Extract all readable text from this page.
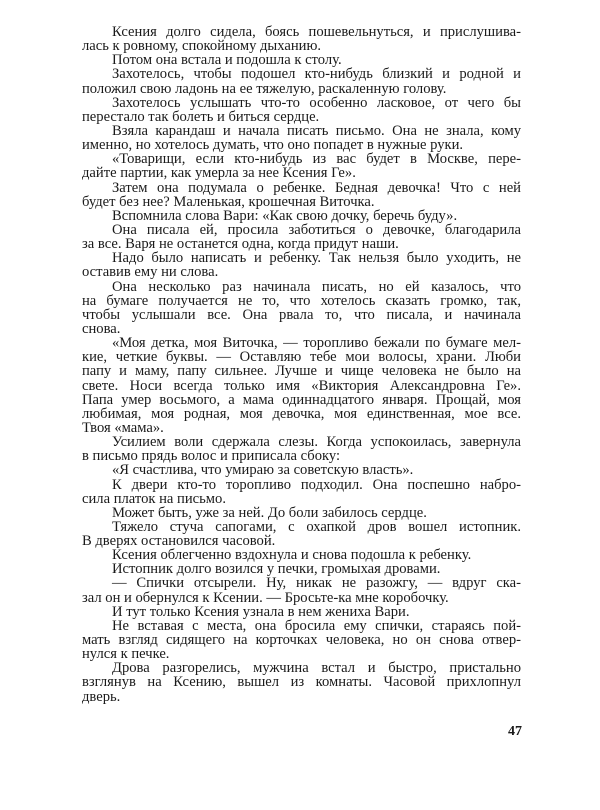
Ксения долго сидела, боясь пошевельнуться, и прислушива-
лась к ровному, спокойному дыханию.
Потом она встала и подошла к столу.
Захотелось, чтобы подошел кто-нибудь близкий и родной и
положил свою ладонь на ее тяжелую, раскаленную голову.
Захотелось услышать что-то особенно ласковое, от чего бы
перестало так болеть и биться сердце.
Взяла карандаш и начала писать письмо. Она не знала, кому
именно, но хотелось думать, что оно попадет в нужные руки.
«Товарищи, если кто-нибудь из вас будет в Москве, пере-
дайте партии, как умерла за нее Ксения Ге».
Затем она подумала о ребенке. Бедная девочка! Что с ней
будет без нее? Маленькая, крошечная Виточка.
Вспомнила слова Вари: «Как свою дочку, беречь буду».
Она писала ей, просила заботиться о девочке, благодарила
за все. Варя не останется одна, когда придут наши.
Надо было написать и ребенку. Так нельзя было уходить, не
оставив ему ни слова.
Она несколько раз начинала писать, но ей казалось, что
на бумаге получается не то, что хотелось сказать громко, так,
чтобы услышали все. Она рвала то, что писала, и начинала
снова.
«Моя детка, моя Виточка, — торопливо бежали по бумаге мел-
кие, четкие буквы. — Оставляю тебе мои волосы, храни. Люби
папу и маму, папу сильнее. Лучше и чище человека не было на
свете. Носи всегда только имя «Виктория Александровна Ге».
Папа умер восьмого, а мама одиннадцатого января. Прощай, моя
любимая, моя родная, моя девочка, моя единственная, мое все.
Твоя «мама».
Усилием воли сдержала слезы. Когда успокоилась, завернула
в письмо прядь волос и приписала сбоку:
«Я счастлива, что умираю за советскую власть».
К двери кто-то торопливо подходил. Она поспешно набро-
сила платок на письмо.
Может быть, уже за ней. До боли забилось сердце.
Тяжело стуча сапогами, с охапкой дров вошел истопник.
В дверях остановился часовой.
Ксения облегченно вздохнула и снова подошла к ребенку.
Истопник долго возился у печки, громыхая дровами.
— Спички отсырели. Ну, никак не разожгу, — вдруг ска-
зал он и обернулся к Ксении. — Бросьте-ка мне коробочку.
И тут только Ксения узнала в нем жениха Вари.
Не вставая с места, она бросила ему спички, стараясь пой-
мать взгляд сидящего на корточках человека, но он снова отвер-
нулся к печке.
Дрова разгорелись, мужчина встал и быстро, пристально
взглянув на Ксению, вышел из комнаты. Часовой прихлопнул
дверь.
47
